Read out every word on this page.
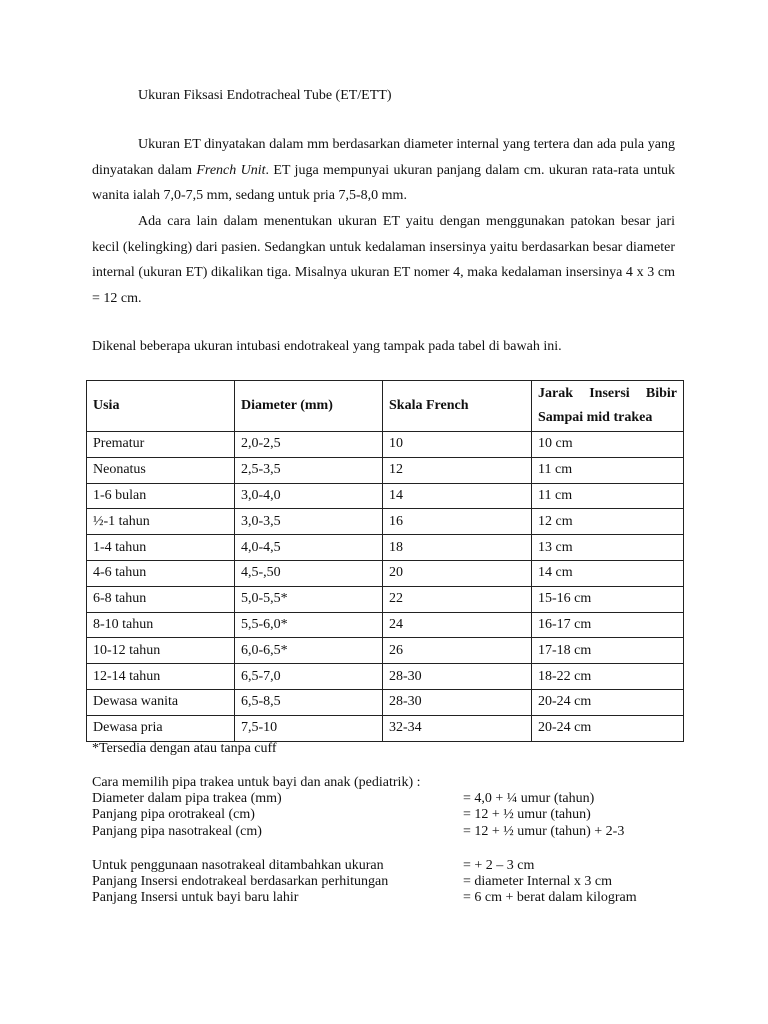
Ukuran Fiksasi Endotracheal Tube (ET/ETT)

Ukuran ET dinyatakan dalam mm berdasarkan diameter internal yang tertera dan ada pula yang dinyatakan dalam French Unit. ET juga mempunyai ukuran panjang dalam cm. ukuran rata-rata untuk wanita ialah 7,0-7,5 mm, sedang untuk pria 7,5-8,0 mm.

Ada cara lain dalam menentukan ukuran ET yaitu dengan menggunakan patokan besar jari kecil (kelingking) dari pasien. Sedangkan untuk kedalaman insersinya yaitu berdasarkan besar diameter internal (ukuran ET) dikalikan tiga. Misalnya ukuran ET nomer 4, maka kedalaman insersinya 4 x 3 cm = 12 cm.

Dikenal beberapa ukuran intubasi endotrakeal yang tampak pada tabel di bawah ini.
Usia	Diameter (mm)	Skala French	Jarak Insersi Bibir Sampai mid trakea
Prematur	2,0-2,5	10	10 cm
Neonatus	2,5-3,5	12	11 cm
1-6 bulan	3,0-4,0	14	11 cm
½-1 tahun	3,0-3,5	16	12 cm
1-4 tahun	4,0-4,5	18	13 cm
4-6 tahun	4,5-,50	20	14 cm
6-8 tahun	5,0-5,5*	22	15-16 cm
8-10 tahun	5,5-6,0*	24	16-17 cm
10-12 tahun	6,0-6,5*	26	17-18 cm
12-14 tahun	6,5-7,0	28-30	18-22 cm
Dewasa wanita	6,5-8,5	28-30	20-24 cm
Dewasa pria	7,5-10	32-34	20-24 cm
*Tersedia dengan atau tanpa cuff
Cara memilih pipa trakea untuk bayi dan anak (pediatrik) :
Diameter dalam pipa trakea (mm)	= 4,0 + ¼ umur (tahun)
Panjang pipa orotrakeal (cm)	= 12 + ½ umur (tahun)
Panjang pipa nasotrakeal (cm)	= 12 + ½ umur (tahun) + 2-3
Untuk penggunaan nasotrakeal ditambahkan ukuran	= + 2 – 3 cm
Panjang Insersi endotrakeal berdasarkan perhitungan	= diameter Internal x 3 cm
Panjang Insersi untuk bayi baru lahir	= 6 cm + berat dalam kilogram
